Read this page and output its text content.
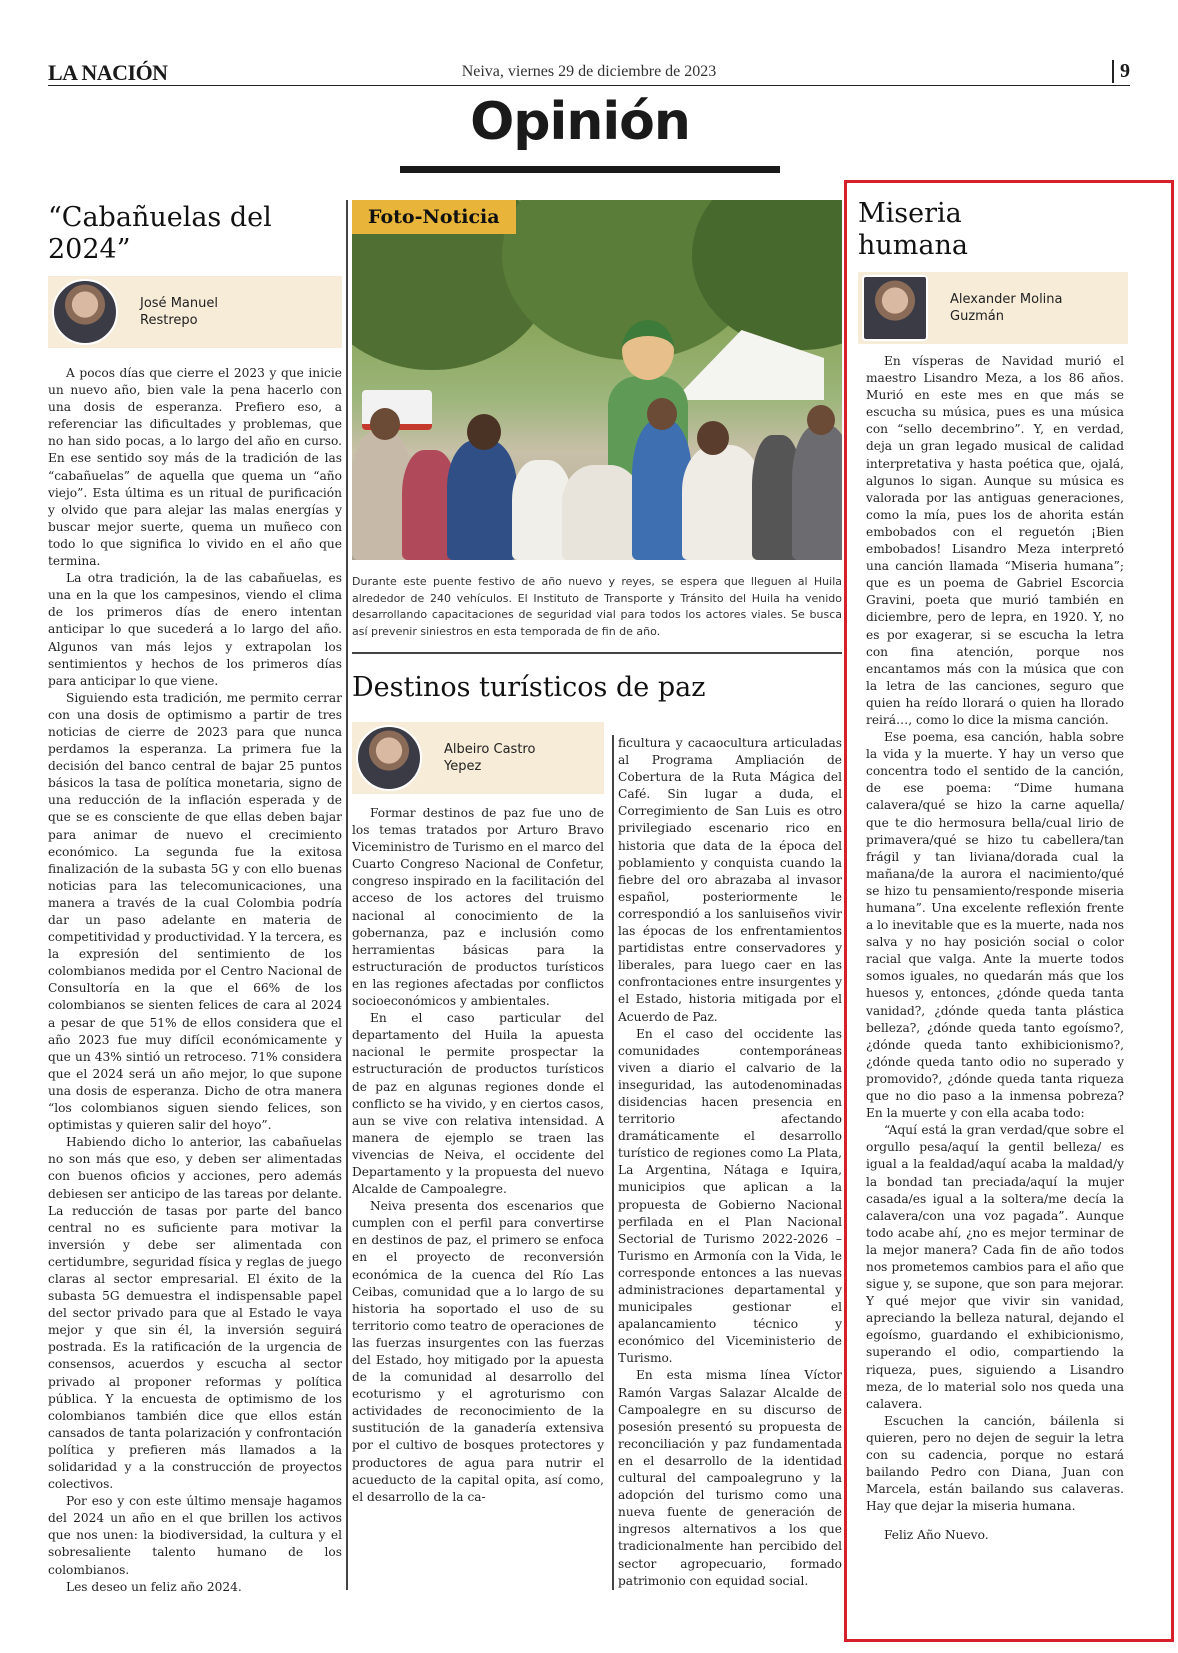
LA NACIÓN	Neiva, viernes 29 de diciembre de 2023	9
Opinión
“Cabañuelas del 2024”
José Manuel Restrepo

A pocos días que cierre el 2023 y que inicie un nuevo año, bien vale la pena hacerlo con una dosis de esperanza. Prefiero eso, a referenciar las dificultades y problemas, que no han sido pocas, a lo largo del año en curso. En ese sentido soy más de la tradición de las “cabañuelas” de aquella que quema un “año viejo”. Esta última es un ritual de purificación y olvido que para alejar las malas energías y buscar mejor suerte, quema un muñeco con todo lo que significa lo vivido en el año que termina.

La otra tradición, la de las cabañuelas, es una en la que los campesinos, viendo el clima de los primeros días de enero intentan anticipar lo que sucederá a lo largo del año. Algunos van más lejos y extrapolan los sentimientos y hechos de los primeros días para anticipar lo que viene.

Siguiendo esta tradición, me permito cerrar con una dosis de optimismo a partir de tres noticias de cierre de 2023 para que nunca perdamos la esperanza. La primera fue la decisión del banco central de bajar 25 puntos básicos la tasa de política monetaria, signo de una reducción de la inflación esperada y de que se es consciente de que ellas deben bajar para animar de nuevo el crecimiento económico. La segunda fue la exitosa finalización de la subasta 5G y con ello buenas noticias para las telecomunicaciones, una manera a través de la cual Colombia podría dar un paso adelante en materia de competitividad y productividad. Y la tercera, es la expresión del sentimiento de los colombianos medida por el Centro Nacional de Consultoría en la que el 66% de los colombianos se sienten felices de cara al 2024 a pesar de que 51% de ellos considera que el año 2023 fue muy difícil económicamente y que un 43% sintió un retroceso. 71% considera que el 2024 será un año mejor, lo que supone una dosis de esperanza. Dicho de otra manera “los colombianos siguen siendo felices, son optimistas y quieren salir del hoyo”.

Habiendo dicho lo anterior, las cabañuelas no son más que eso, y deben ser alimentadas con buenos oficios y acciones, pero además debiesen ser anticipo de las tareas por delante. La reducción de tasas por parte del banco central no es suficiente para motivar la inversión y debe ser alimentada con certidumbre, seguridad física y reglas de juego claras al sector empresarial. El éxito de la subasta 5G demuestra el indispensable papel del sector privado para que al Estado le vaya mejor y que sin él, la inversión seguirá postrada. Es la ratificación de la urgencia de consensos, acuerdos y escucha al sector privado al proponer reformas y política pública. Y la encuesta de optimismo de los colombianos también dice que ellos están cansados de tanta polarización y confrontación política y prefieren más llamados a la solidaridad y a la construcción de proyectos colectivos.

Por eso y con este último mensaje hagamos del 2024 un año en el que brillen los activos que nos unen: la biodiversidad, la cultura y el sobresaliente talento humano de los colombianos.

Les deseo un feliz año 2024.

Foto-Noticia
Durante este puente festivo de año nuevo y reyes, se espera que lleguen al Huila alrededor de 240 vehículos. El Instituto de Transporte y Tránsito del Huila ha venido desarrollando capacitaciones de seguridad vial para todos los actores viales. Se busca así prevenir siniestros en esta temporada de fin de año.
Destinos turísticos de paz
Albeiro Castro Yepez

Formar destinos de paz fue uno de los temas tratados por Arturo Bravo Viceministro de Turismo en el marco del Cuarto Congreso Nacional de Confetur, congreso inspirado en la facilitación del acceso de los actores del truismo nacional al conocimiento de la gobernanza, paz e inclusión como herramientas básicas para la estructuración de productos turísticos en las regiones afectadas por conflictos socioeconómicos y ambientales.

En el caso particular del departamento del Huila la apuesta nacional le permite prospectar la estructuración de productos turísticos de paz en algunas regiones donde el conflicto se ha vivido, y en ciertos casos, aun se vive con relativa intensidad. A manera de ejemplo se traen las vivencias de Neiva, el occidente del Departamento y la propuesta del nuevo Alcalde de Campoalegre.

Neiva presenta dos escenarios que cumplen con el perfil para convertirse en destinos de paz, el primero se enfoca en el proyecto de reconversión económica de la cuenca del Río Las Ceibas, comunidad que a lo largo de su historia ha soportado el uso de su territorio como teatro de operaciones de las fuerzas insurgentes con las fuerzas del Estado, hoy mitigado por la apuesta de la comunidad al desarrollo del ecoturismo y el agroturismo con actividades de reconocimiento de la sustitución de la ganadería extensiva por el cultivo de bosques protectores y productores de agua para nutrir el acueducto de la capital opita, así como, el desarrollo de la ca-

ficultura y cacaocultura articuladas al Programa Ampliación de Cobertura de la Ruta Mágica del Café. Sin lugar a duda, el Corregimiento de San Luis es otro privilegiado escenario rico en historia que data de la época del poblamiento y conquista cuando la fiebre del oro abrazaba al invasor español, posteriormente le correspondió a los sanluiseños vivir las épocas de los enfrentamientos partidistas entre conservadores y liberales, para luego caer en las confrontaciones entre insurgentes y el Estado, historia mitigada por el Acuerdo de Paz.

En el caso del occidente las comunidades contemporáneas viven a diario el calvario de la inseguridad, las autodenominadas disidencias hacen presencia en territorio afectando dramáticamente el desarrollo turístico de regiones como La Plata, La Argentina, Nátaga e Iquira, municipios que aplican a la propuesta de Gobierno Nacional perfilada en el Plan Nacional Sectorial de Turismo 2022-2026 – Turismo en Armonía con la Vida, le corresponde entonces a las nuevas administraciones departamental y municipales gestionar el apalancamiento técnico y económico del Viceministerio de Turismo.

En esta misma línea Víctor Ramón Vargas Salazar Alcalde de Campoalegre en su discurso de posesión presentó su propuesta de reconciliación y paz fundamentada en el desarrollo de la identidad cultural del campoalegruno y la adopción del turismo como una nueva fuente de generación de ingresos alternativos a los que tradicionalmente han percibido del sector agropecuario, formado patrimonio con equidad social.

Miseria humana
Alexander Molina Guzmán

En vísperas de Navidad murió el maestro Lisandro Meza, a los 86 años. Murió en este mes en que más se escucha su música, pues es una música con “sello decembrino”. Y, en verdad, deja un gran legado musical de calidad interpretativa y hasta poética que, ojalá, algunos lo sigan. Aunque su música es valorada por las antiguas generaciones, como la mía, pues los de ahorita están embobados con el reguetón ¡Bien embobados! Lisandro Meza interpretó una canción llamada “Miseria humana”; que es un poema de Gabriel Escorcia Gravini, poeta que murió también en diciembre, pero de lepra, en 1920. Y, no es por exagerar, si se escucha la letra con fina atención, porque nos encantamos más con la música que con la letra de las canciones, seguro que quien ha reído llorará o quien ha llorado reirá…, como lo dice la misma canción.

Ese poema, esa canción, habla sobre la vida y la muerte. Y hay un verso que concentra todo el sentido de la canción, de ese poema: “Dime humana calavera/qué se hizo la carne aquella/ que te dio hermosura bella/cual lirio de primavera/qué se hizo tu cabellera/tan frágil y tan liviana/dorada cual la mañana/de la aurora el nacimiento/qué se hizo tu pensamiento/responde miseria humana”. Una excelente reflexión frente a lo inevitable que es la muerte, nada nos salva y no hay posición social o color racial que valga. Ante la muerte todos somos iguales, no quedarán más que los huesos y, entonces, ¿dónde queda tanta vanidad?, ¿dónde queda tanta plástica belleza?, ¿dónde queda tanto egoísmo?, ¿dónde queda tanto exhibicionismo?, ¿dónde queda tanto odio no superado y promovido?, ¿dónde queda tanta riqueza que no dio paso a la inmensa pobreza? En la muerte y con ella acaba todo:

“Aquí está la gran verdad/que sobre el orgullo pesa/aquí la gentil belleza/ es igual a la fealdad/aquí acaba la maldad/y la bondad tan preciada/aquí la mujer casada/es igual a la soltera/me decía la calavera/con una voz pagada”. Aunque todo acabe ahí, ¿no es mejor terminar de la mejor manera? Cada fin de año todos nos prometemos cambios para el año que sigue y, se supone, que son para mejorar. Y qué mejor que vivir sin vanidad, apreciando la belleza natural, dejando el egoísmo, guardando el exhibicionismo, superando el odio, compartiendo la riqueza, pues, siguiendo a Lisandro meza, de lo material solo nos queda una calavera.

Escuchen la canción, báilenla si quieren, pero no dejen de seguir la letra con su cadencia, porque no estará bailando Pedro con Diana, Juan con Marcela, están bailando sus calaveras. Hay que dejar la miseria humana.

Feliz Año Nuevo.
